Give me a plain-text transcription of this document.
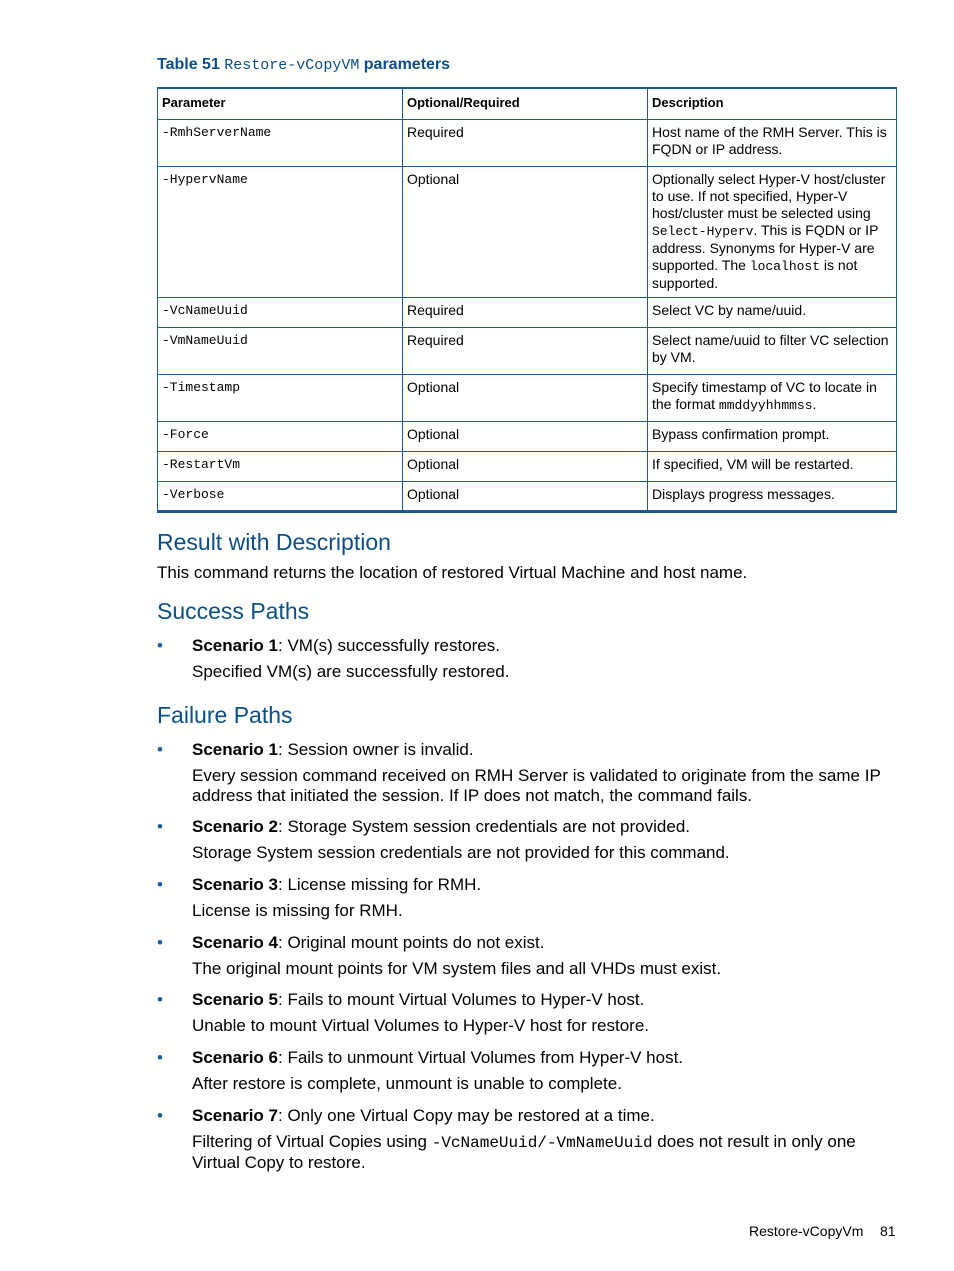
Table 51 Restore-vCopyVM parameters
Parameter	Optional/Required	Description
-RmhServerName	Required	Host name of the RMH Server. This is FQDN or IP address.
-HypervName	Optional	Optionally select Hyper-V host/cluster to use. If not specified, Hyper-V host/cluster must be selected using Select-Hyperv. This is FQDN or IP address. Synonyms for Hyper-V are supported. The localhost is not supported.
-VcNameUuid	Required	Select VC by name/uuid.
-VmNameUuid	Required	Select name/uuid to filter VC selection by VM.
-Timestamp	Optional	Specify timestamp of VC to locate in the format mmddyyhhmmss.
-Force	Optional	Bypass confirmation prompt.
-RestartVm	Optional	If specified, VM will be restarted.
-Verbose	Optional	Displays progress messages.
Result with Description

This command returns the location of restored Virtual Machine and host name.

Success Paths
• Scenario 1: VM(s) successfully restores.
Specified VM(s) are successfully restored.
Failure Paths
• Scenario 1: Session owner is invalid.
Every session command received on RMH Server is validated to originate from the same IP address that initiated the session. If IP does not match, the command fails.
• Scenario 2: Storage System session credentials are not provided.
Storage System session credentials are not provided for this command.
• Scenario 3: License missing for RMH.
License is missing for RMH.
• Scenario 4: Original mount points do not exist.
The original mount points for VM system files and all VHDs must exist.
• Scenario 5: Fails to mount Virtual Volumes to Hyper-V host.
Unable to mount Virtual Volumes to Hyper-V host for restore.
• Scenario 6: Fails to unmount Virtual Volumes from Hyper-V host.
After restore is complete, unmount is unable to complete.
• Scenario 7: Only one Virtual Copy may be restored at a time.
Filtering of Virtual Copies using -VcNameUuid/-VmNameUuid does not result in only one Virtual Copy to restore.
Restore-vCopyVm 81
